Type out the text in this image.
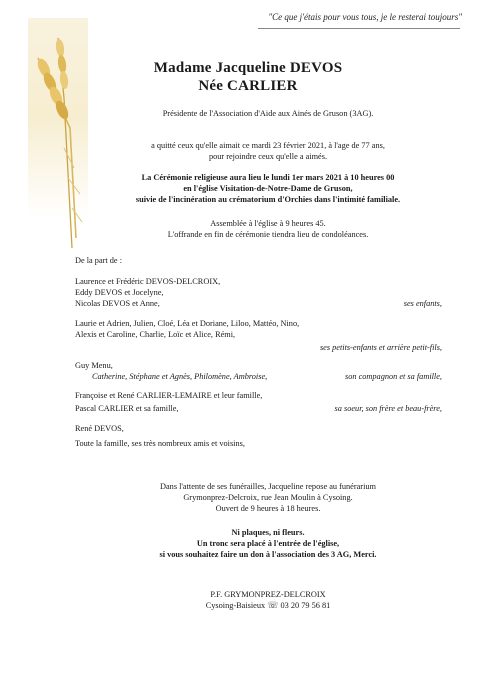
"Ce que j'étais pour vous tous, je le resterai toujours"
Madame Jacqueline DEVOS
Née CARLIER
Présidente de l'Association d'Aide aux Ainés de Gruson (3AG).
a quitté ceux qu'elle aimait ce mardi 23 février 2021, à l'age de 77 ans,
pour rejoindre ceux qu'elle a aimés.
La Cérémonie religieuse aura lieu le lundi 1er mars 2021 à 10 heures 00
en l'église Visitation-de-Notre-Dame de Gruson,
suivie de l'incinération au crématorium d'Orchies dans l'intimité familiale.
Assemblée à l'église à 9 heures 45.
L'offrande en fin de cérémonie tiendra lieu de condoléances.
De la part de :
Laurence et Frédéric DEVOS-DELCROIX,
Eddy DEVOS et Jocelyne,
Nicolas DEVOS et Anne,	ses enfants,
Laurie et Adrien, Julien, Cloé, Léa et Doriane, Liloo, Mattéo, Nino,
Alexis et Caroline, Charlie, Loïc et Alice, Rémi,
ses petits-enfants et arrière petit-fils,
Guy Menu,
Catherine, Stéphane et Agnès, Philomène, Ambroise,	son compagnon et sa famille,
Françoise et René CARLIER-LEMAIRE et leur famille,
Pascal CARLIER et sa famille,	sa soeur, son frère et beau-frère,
René DEVOS,
Toute la famille, ses très nombreux amis et voisins,
Dans l'attente de ses funérailles, Jacqueline repose au funérarium
Grymonprez-Delcroix, rue Jean Moulin à Cysoing.
Ouvert de 9 heures à 18 heures.
Ni plaques, ni fleurs.
Un tronc sera placé à l'entrée de l'église,
si vous souhaitez faire un don à l'association des 3 AG, Merci.
P.F. GRYMONPREZ-DELCROIX
Cysoing-Baisieux ☏ 03 20 79 56 81
